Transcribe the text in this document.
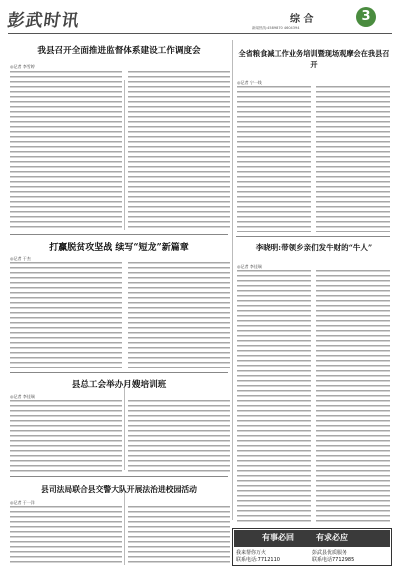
彭武时讯	综 合	3
新闻热线:4589870 4604394
我县召开全面推进监督体系建设工作调度会
◎记者 李雪婷
全省粮食减工作业务培训暨现场观摩会在我县召开
◎记者 宁一线
打赢脱贫攻坚战 续写“短龙”新篇章
◎记者 于杰
李晓明:带领乡亲们发牛财的“牛人”
◎记者 李佳瑞
县总工会举办月嫂培训班
◎记者 李佳瑞
县司法局联合县交警大队开展法治进校园活动
◎记者 于一洋
有事必回	有求必应
我来帮你万火
联系电话:7712110
彭武县优质服务
联系电话7712985
